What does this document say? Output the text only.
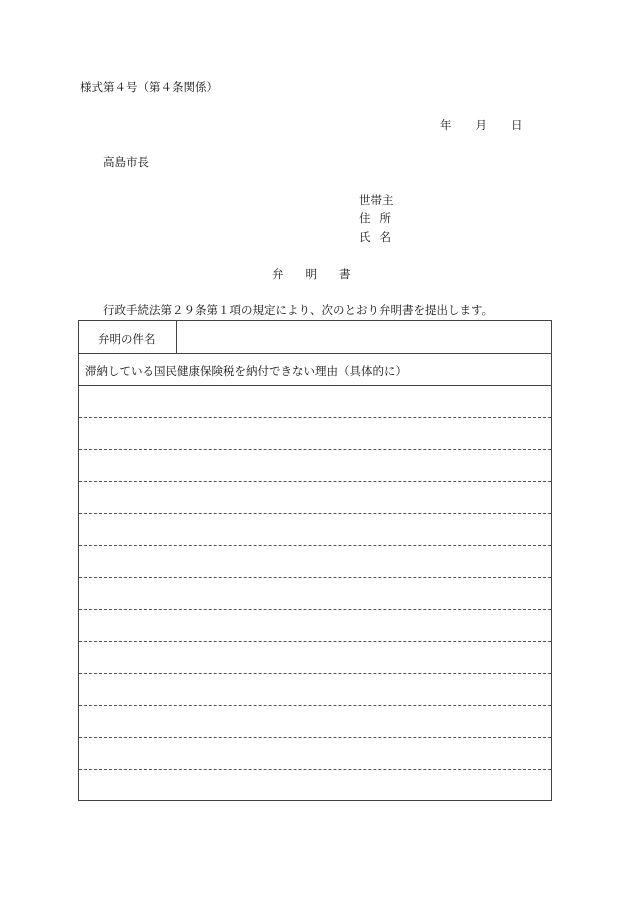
様式第４号（第４条関係）
年 月 日
高島市長
世帯主
住所
氏名
弁明書
行政手続法第２９条第１項の規定により、次のとおり弁明書を提出します。
弁明の件名
滞納している国民健康保険税を納付できない理由（具体的に）
